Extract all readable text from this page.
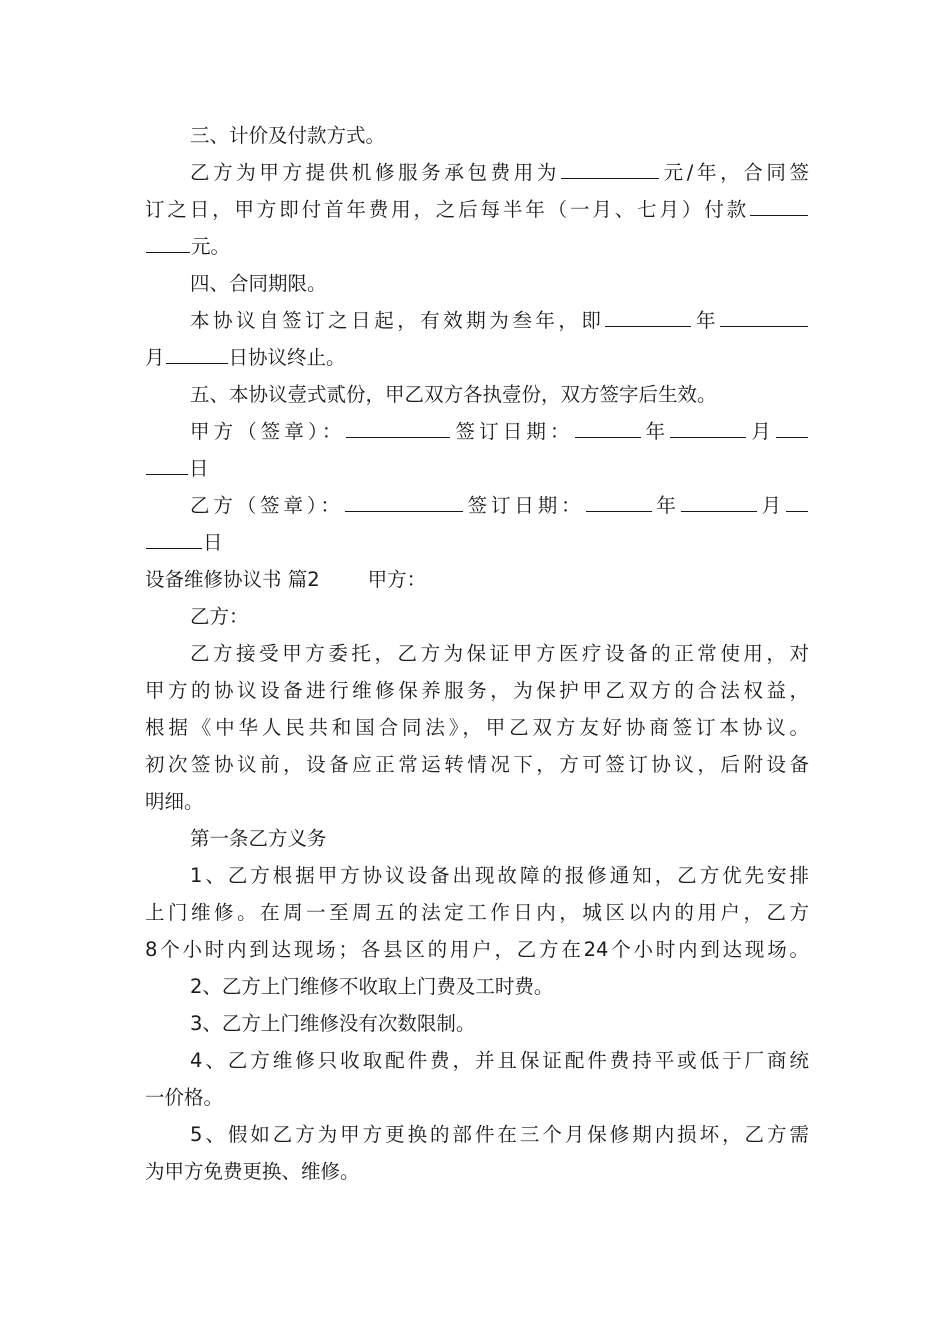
三、计价及付款方式。
乙方为甲方提供机修服务承包费用为	元/年，合同签
订之日，甲方即付首年费用，之后每半年（一月、七月）付款
元。
四、合同期限。
本协议自签订之日起，有效期为叁年，即	年
月	日协议终止。
五、本协议壹式贰份，甲乙双方各执壹份，双方签字后生效。
甲方（签章）：	签订日期：	年	月
日
乙方（签章）：	签订日期：	年	月
日
设备维修协议书 篇2 甲方：
乙方：
乙方接受甲方委托，乙方为保证甲方医疗设备的正常使用，对
甲方的协议设备进行维修保养服务，为保护甲乙双方的合法权益，
根据《中华人民共和国合同法》，甲乙双方友好协商签订本协议。
初次签协议前，设备应正常运转情况下，方可签订协议，后附设备
明细。
第一条乙方义务
1、乙方根据甲方协议设备出现故障的报修通知，乙方优先安排
上门维修。在周一至周五的法定工作日内，城区以内的用户，乙方
8个小时内到达现场；各县区的用户，乙方在24个小时内到达现场。
2、乙方上门维修不收取上门费及工时费。
3、乙方上门维修没有次数限制。
4、乙方维修只收取配件费，并且保证配件费持平或低于厂商统
一价格。
5、假如乙方为甲方更换的部件在三个月保修期内损坏，乙方需
为甲方免费更换、维修。
